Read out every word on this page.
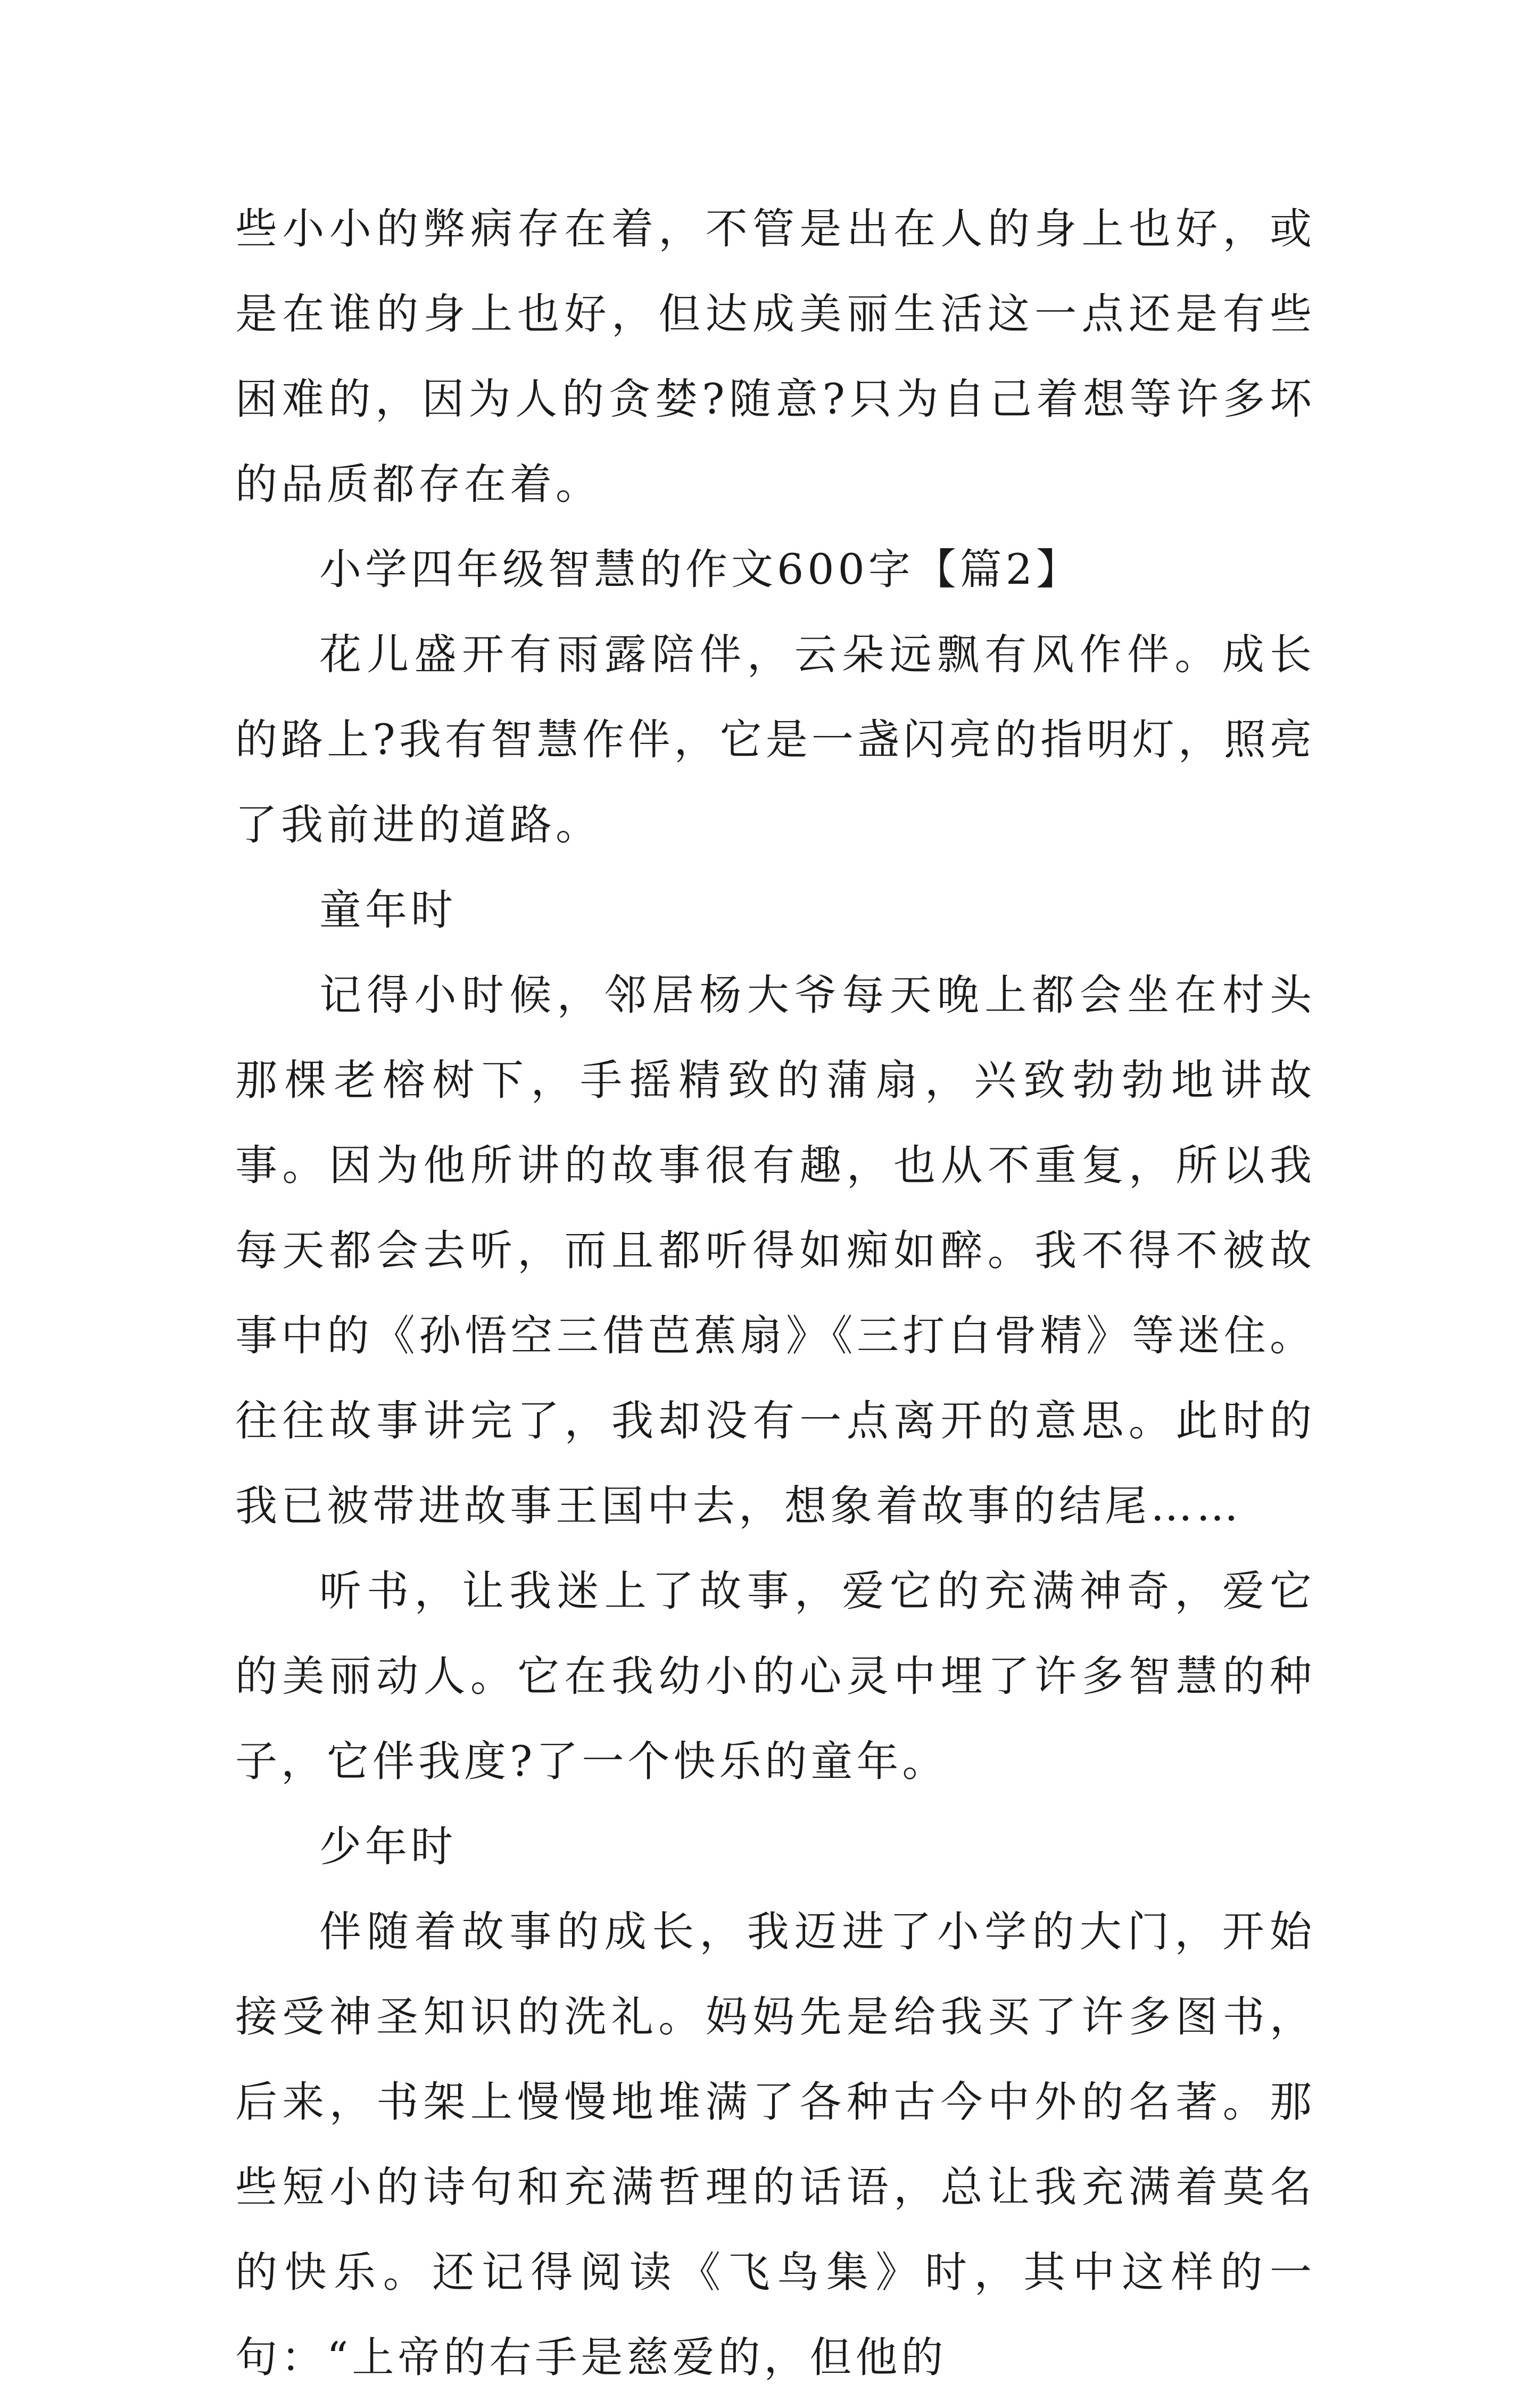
些小小的弊病存在着，不管是出在人的身上也好，或是在谁的身上也好，但达成美丽生活这一点还是有些困难的，因为人的贪婪?随意?只为自己着想等许多坏的品质都存在着。

小学四年级智慧的作文600字【篇2】

花儿盛开有雨露陪伴，云朵远飘有风作伴。成长的路上?我有智慧作伴，它是一盏闪亮的指明灯，照亮了我前进的道路。

童年时

记得小时候，邻居杨大爷每天晚上都会坐在村头那棵老榕树下，手摇精致的蒲扇，兴致勃勃地讲故事。因为他所讲的故事很有趣，也从不重复，所以我每天都会去听，而且都听得如痴如醉。我不得不被故事中的《孙悟空三借芭蕉扇》《三打白骨精》等迷住。往往故事讲完了，我却没有一点离开的意思。此时的我已被带进故事王国中去，想象着故事的结尾……

听书，让我迷上了故事，爱它的充满神奇，爱它的美丽动人。它在我幼小的心灵中埋了许多智慧的种子，它伴我度?了一个快乐的童年。

少年时

伴随着故事的成长，我迈进了小学的大门，开始接受神圣知识的洗礼。妈妈先是给我买了许多图书，后来，书架上慢慢地堆满了各种古今中外的名著。那些短小的诗句和充满哲理的话语，总让我充满着莫名的快乐。还记得阅读《飞鸟集》时，其中这样的一句：“上帝的右手是慈爱的，但他的
